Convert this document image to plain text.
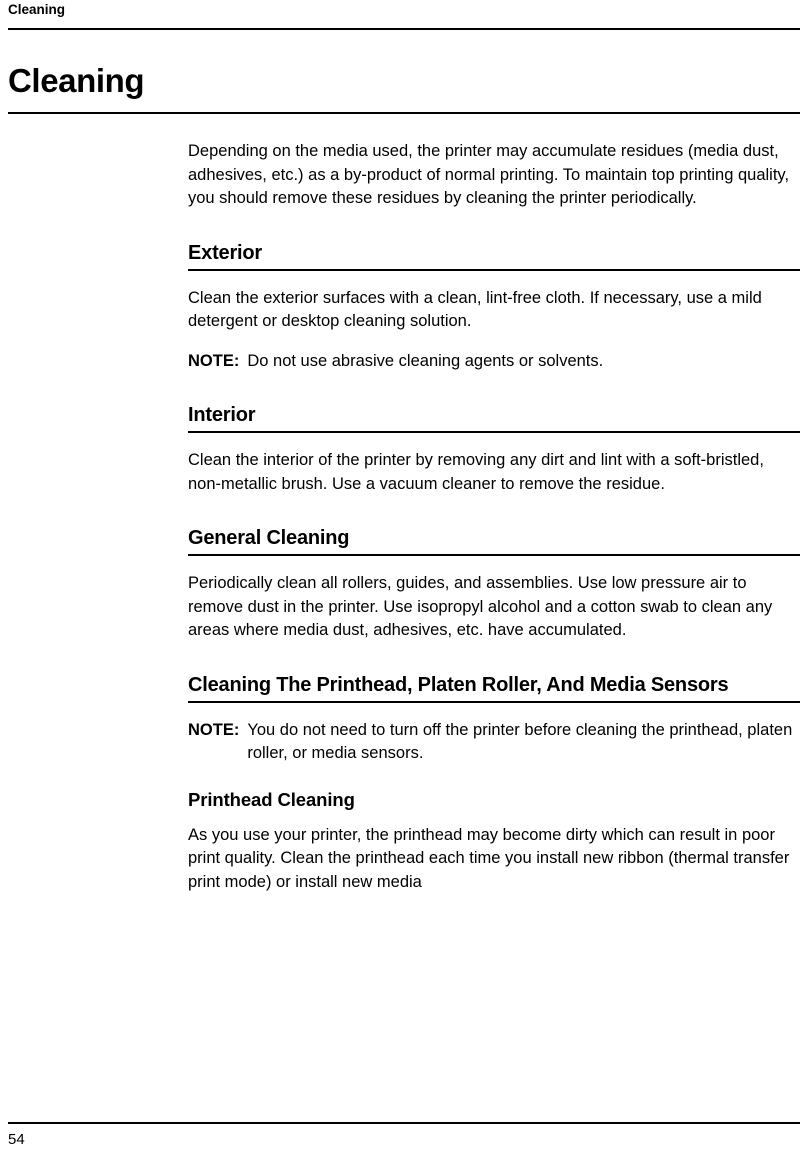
Cleaning
Cleaning

Depending on the media used, the printer may accumulate residues (media dust, adhesives, etc.) as a by-product of normal printing. To maintain top printing quality, you should remove these residues by cleaning the printer periodically.

Exterior

Clean the exterior surfaces with a clean, lint-free cloth. If necessary, use a mild detergent or desktop cleaning solution.

NOTE: Do not use abrasive cleaning agents or solvents.
Interior

Clean the interior of the printer by removing any dirt and lint with a soft-bristled, non-metallic brush. Use a vacuum cleaner to remove the residue.

General Cleaning

Periodically clean all rollers, guides, and assemblies. Use low pressure air to remove dust in the printer. Use isopropyl alcohol and a cotton swab to clean any areas where media dust, adhesives, etc. have accumulated.

Cleaning The Printhead, Platen Roller, And Media Sensors
NOTE: You do not need to turn off the printer before cleaning the printhead, platen roller, or media sensors.
Printhead Cleaning

As you use your printer, the printhead may become dirty which can result in poor print quality. Clean the printhead each time you install new ribbon (thermal transfer print mode) or install new media

54
